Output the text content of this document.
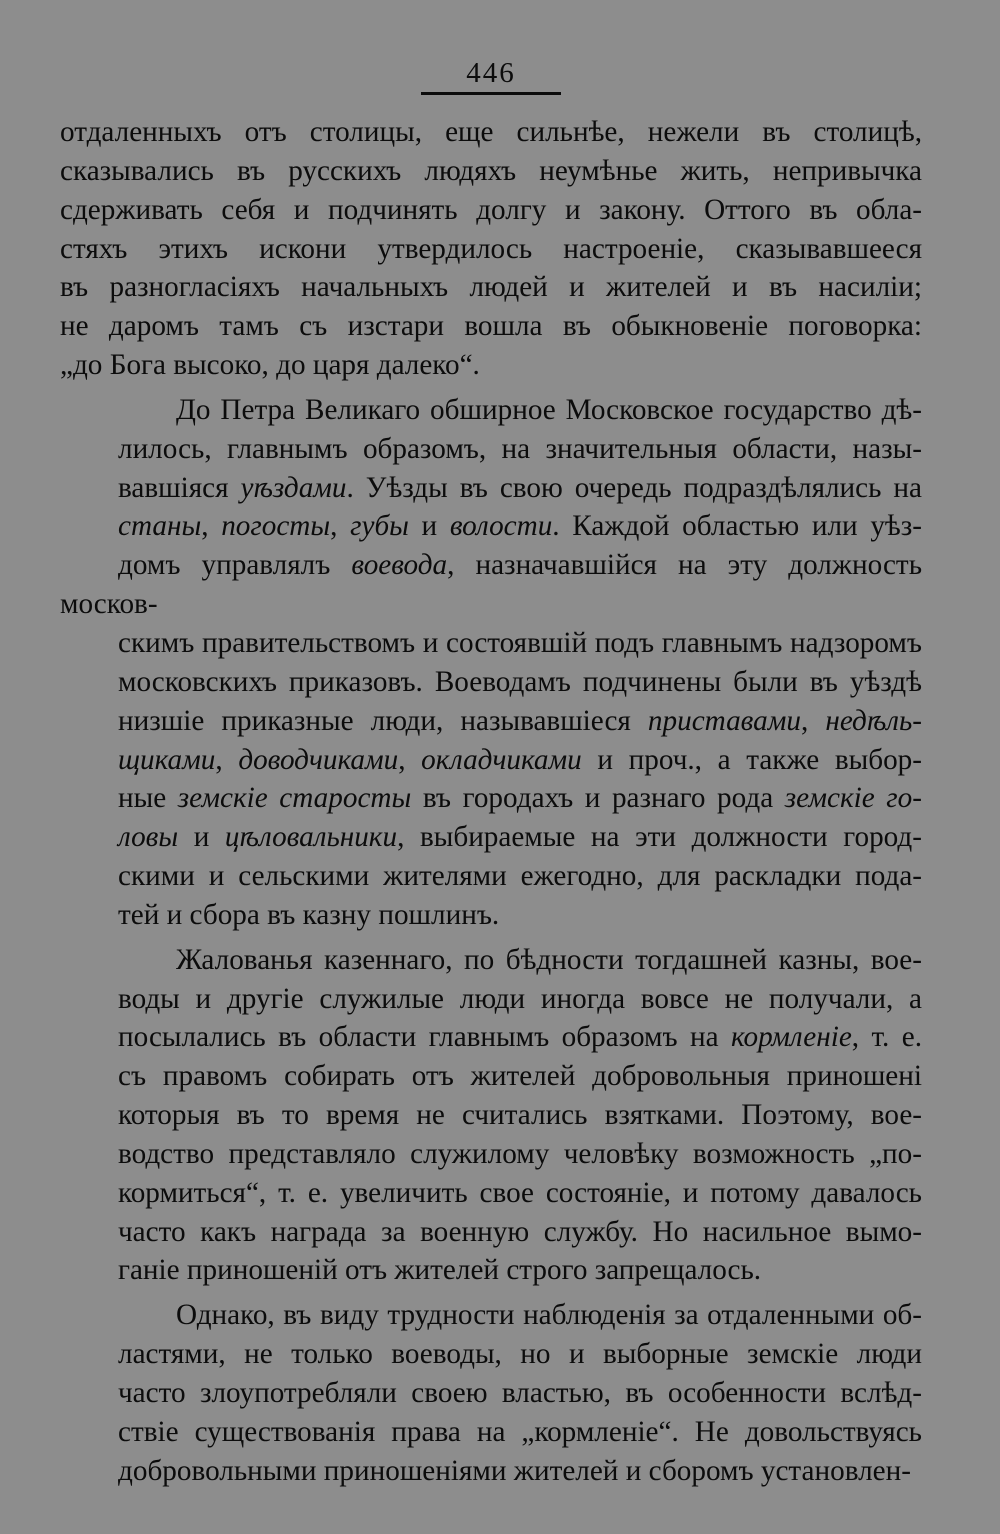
446
отдаленныхъ отъ столицы, еще сильнѣе, нежели въ столицѣ,
сказывались въ русскихъ людяхъ неумѣнье жить, непривычка
сдерживать себя и подчинять долгу и закону. Оттого въ обла-
стяхъ этихъ искони утвердилось настроеніе, сказывавшееся
въ разногласіяхъ начальныхъ людей и жителей и въ насиліи;
не даромъ тамъ съ изстари вошла въ обыкновеніе поговорка:
„до Бога высоко, до царя далеко“.
До Петра Великаго обширное Московское государство дѣ-
лилось, главнымъ образомъ, на значительныя области, назы-
вавшіяся уѣздами. Уѣзды въ свою очередь подраздѣлялись на
станы, погосты, губы и волости. Каждой областью или уѣз-
домъ управлялъ воевода, назначавшійся на эту должность москов-
скимъ правительствомъ и состоявшій подъ главнымъ надзоромъ
московскихъ приказовъ. Воеводамъ подчинены были въ уѣздѣ
низшіе приказные люди, называвшіеся приставами, недѣль-
щиками, доводчиками, окладчиками и проч., а также выбор-
ные земскіе старосты въ городахъ и разнаго рода земскіе го-
ловы и цѣловальники, выбираемые на эти должности город-
скими и сельскими жителями ежегодно, для раскладки пода-
тей и сбора въ казну пошлинъ.
Жалованья казеннаго, по бѣдности тогдашней казны, вое-
воды и другіе служилые люди иногда вовсе не получали, а
посылались въ области главнымъ образомъ на кормленіе, т. е.
съ правомъ собирать отъ жителей добровольныя приношені
которыя въ то время не считались взятками. Поэтому, вое-
водство представляло служилому человѣку возможность „по-
кормиться“, т. е. увеличить свое состояніе, и потому давалось
часто какъ награда за военную службу. Но насильное вымо-
ганіе приношеній отъ жителей строго запрещалось.
Однако, въ виду трудности наблюденія за отдаленными об-
ластями, не только воеводы, но и выборные земскіе люди
часто злоупотребляли своею властью, въ особенности вслѣд-
ствіе существованія права на „кормленіе“. Не довольствуясь
добровольными приношеніями жителей и сборомъ установлен-
